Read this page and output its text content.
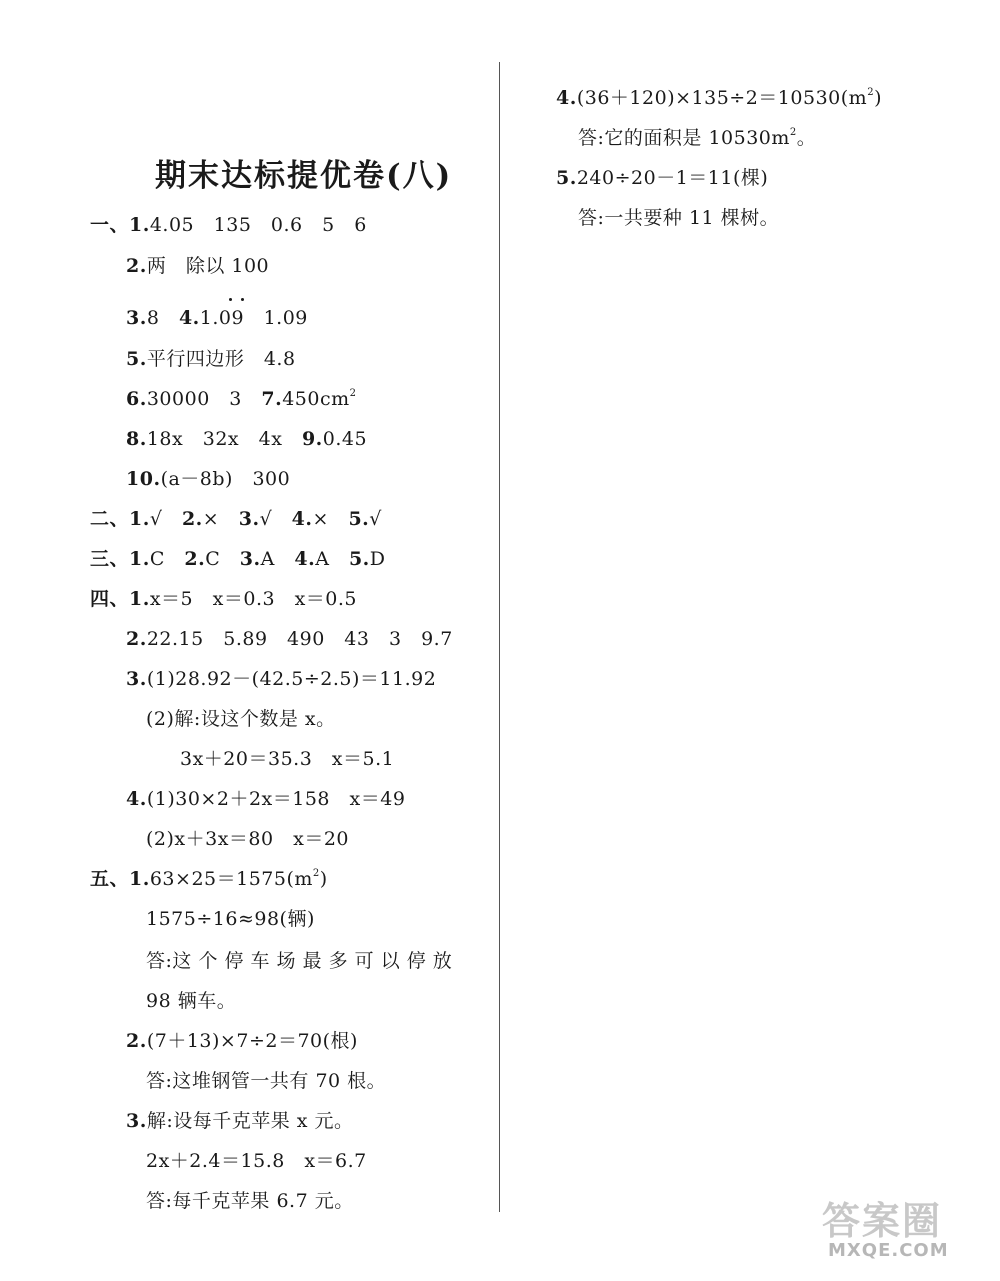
期末达标提优卷(八)
一、1.4.05　135　0.6　5　6
2.两　除以 100
3.8　4.1.09　1.09
5.平行四边形　4.8
6.30000　3　$7.450cm^2$
8.18x　32x　4x　9.0.45
10.(a－8b)　300
二、1.√　2.×　3.√　4.×　5.√
三、1.C　2.C　3.A　4.A　5.D
四、1.x＝5　x＝0.3　x＝0.5
2.22.15　5.89　490　43　3　9.7
3.(1)28.92－(42.5÷2.5)＝11.92
(2)解:设这个数是 x。
3x＋20＝35.3　x＝5.1
4.(1)30×2＋2x＝158　x＝49
(2)x＋3x＝80　x＝20
五、$1.63\times 25=1575(m^2)$
1575÷16≈98(辆)
答:这 个 停 车 场 最 多 可 以 停 放
98 辆车。
2.(7＋13)×7÷2＝70(根)
答:这堆钢管一共有 70 根。
3.解:设每千克苹果 x 元。
2x＋2.4＝15.8　x＝6.7
答:每千克苹果 6.7 元。
$4.(36+120)\times 135\div 2=10530(m^2)$
答:它的面积是 $10530m^2$。
5.240÷20－1＝11(棵)
答:一共要种 11 棵树。
答案圈
MXQE.COM
